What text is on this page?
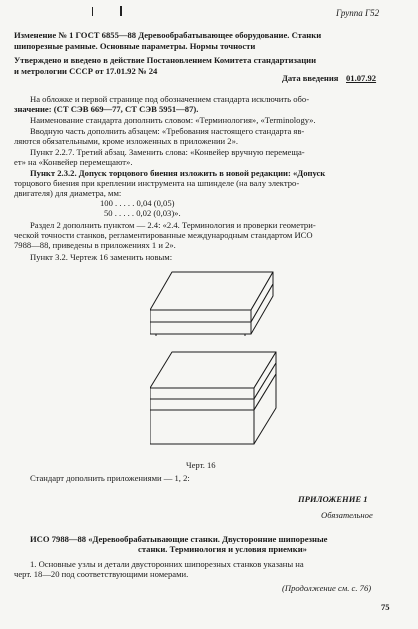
Группа Г52
Изменение № 1 ГОСТ 6855—88 Деревообрабатывающее оборудование. Станки
шипорезные рамные. Основные параметры. Нормы точности
Утверждено и введено в действие Постановлением Комитета стандартизации
и метрологии СССР от 17.01.92 № 24
Дата введения 01.07.92
На обложке и первой странице под обозначением стандарта исключить обо-
значение: (СТ СЭВ 669—77, СТ СЭВ 5951—87).
Наименование стандарта дополнить словом: «Терминология», «Terminology».
Вводную часть дополнить абзацем: «Требования настоящего стандарта яв-
ляются обязательными, кроме изложенных в приложении 2».
Пункт 2.2.7. Третий абзац. Заменить слова: «Конвейер вручную перемеща-
ет» на «Конвейер перемещают».
Пункт 2.3.2. Допуск торцового биения изложить в новой редакции: «Допуск
торцового биения при креплении инструмента на шпинделе (на валу электро-
двигателя) для диаметра, мм:
100 . . . . . 0,04 (0,05)
50 . . . . . 0,02 (0,03)».
Раздел 2 дополнить пунктом — 2.4: «2.4. Терминология и проверки геометри-
ческой точности станков, регламентированные международным стандартом ИСО
7988—88, приведены в приложениях 1 и 2».
Пункт 3.2. Чертеж 16 заменить новым:
Черт. 16
Стандарт дополнить приложениями — 1, 2:
ПРИЛОЖЕНИЕ 1
Обязательное
ИСО 7988—88 «Деревообрабатывающие станки. Двусторонние шипорезные
станки. Терминология и условия приемки»
1. Основные узлы и детали двусторонних шипорезных станков указаны на
черт. 18—20 под соответствующими номерами.
(Продолжение см. с. 76)
75
